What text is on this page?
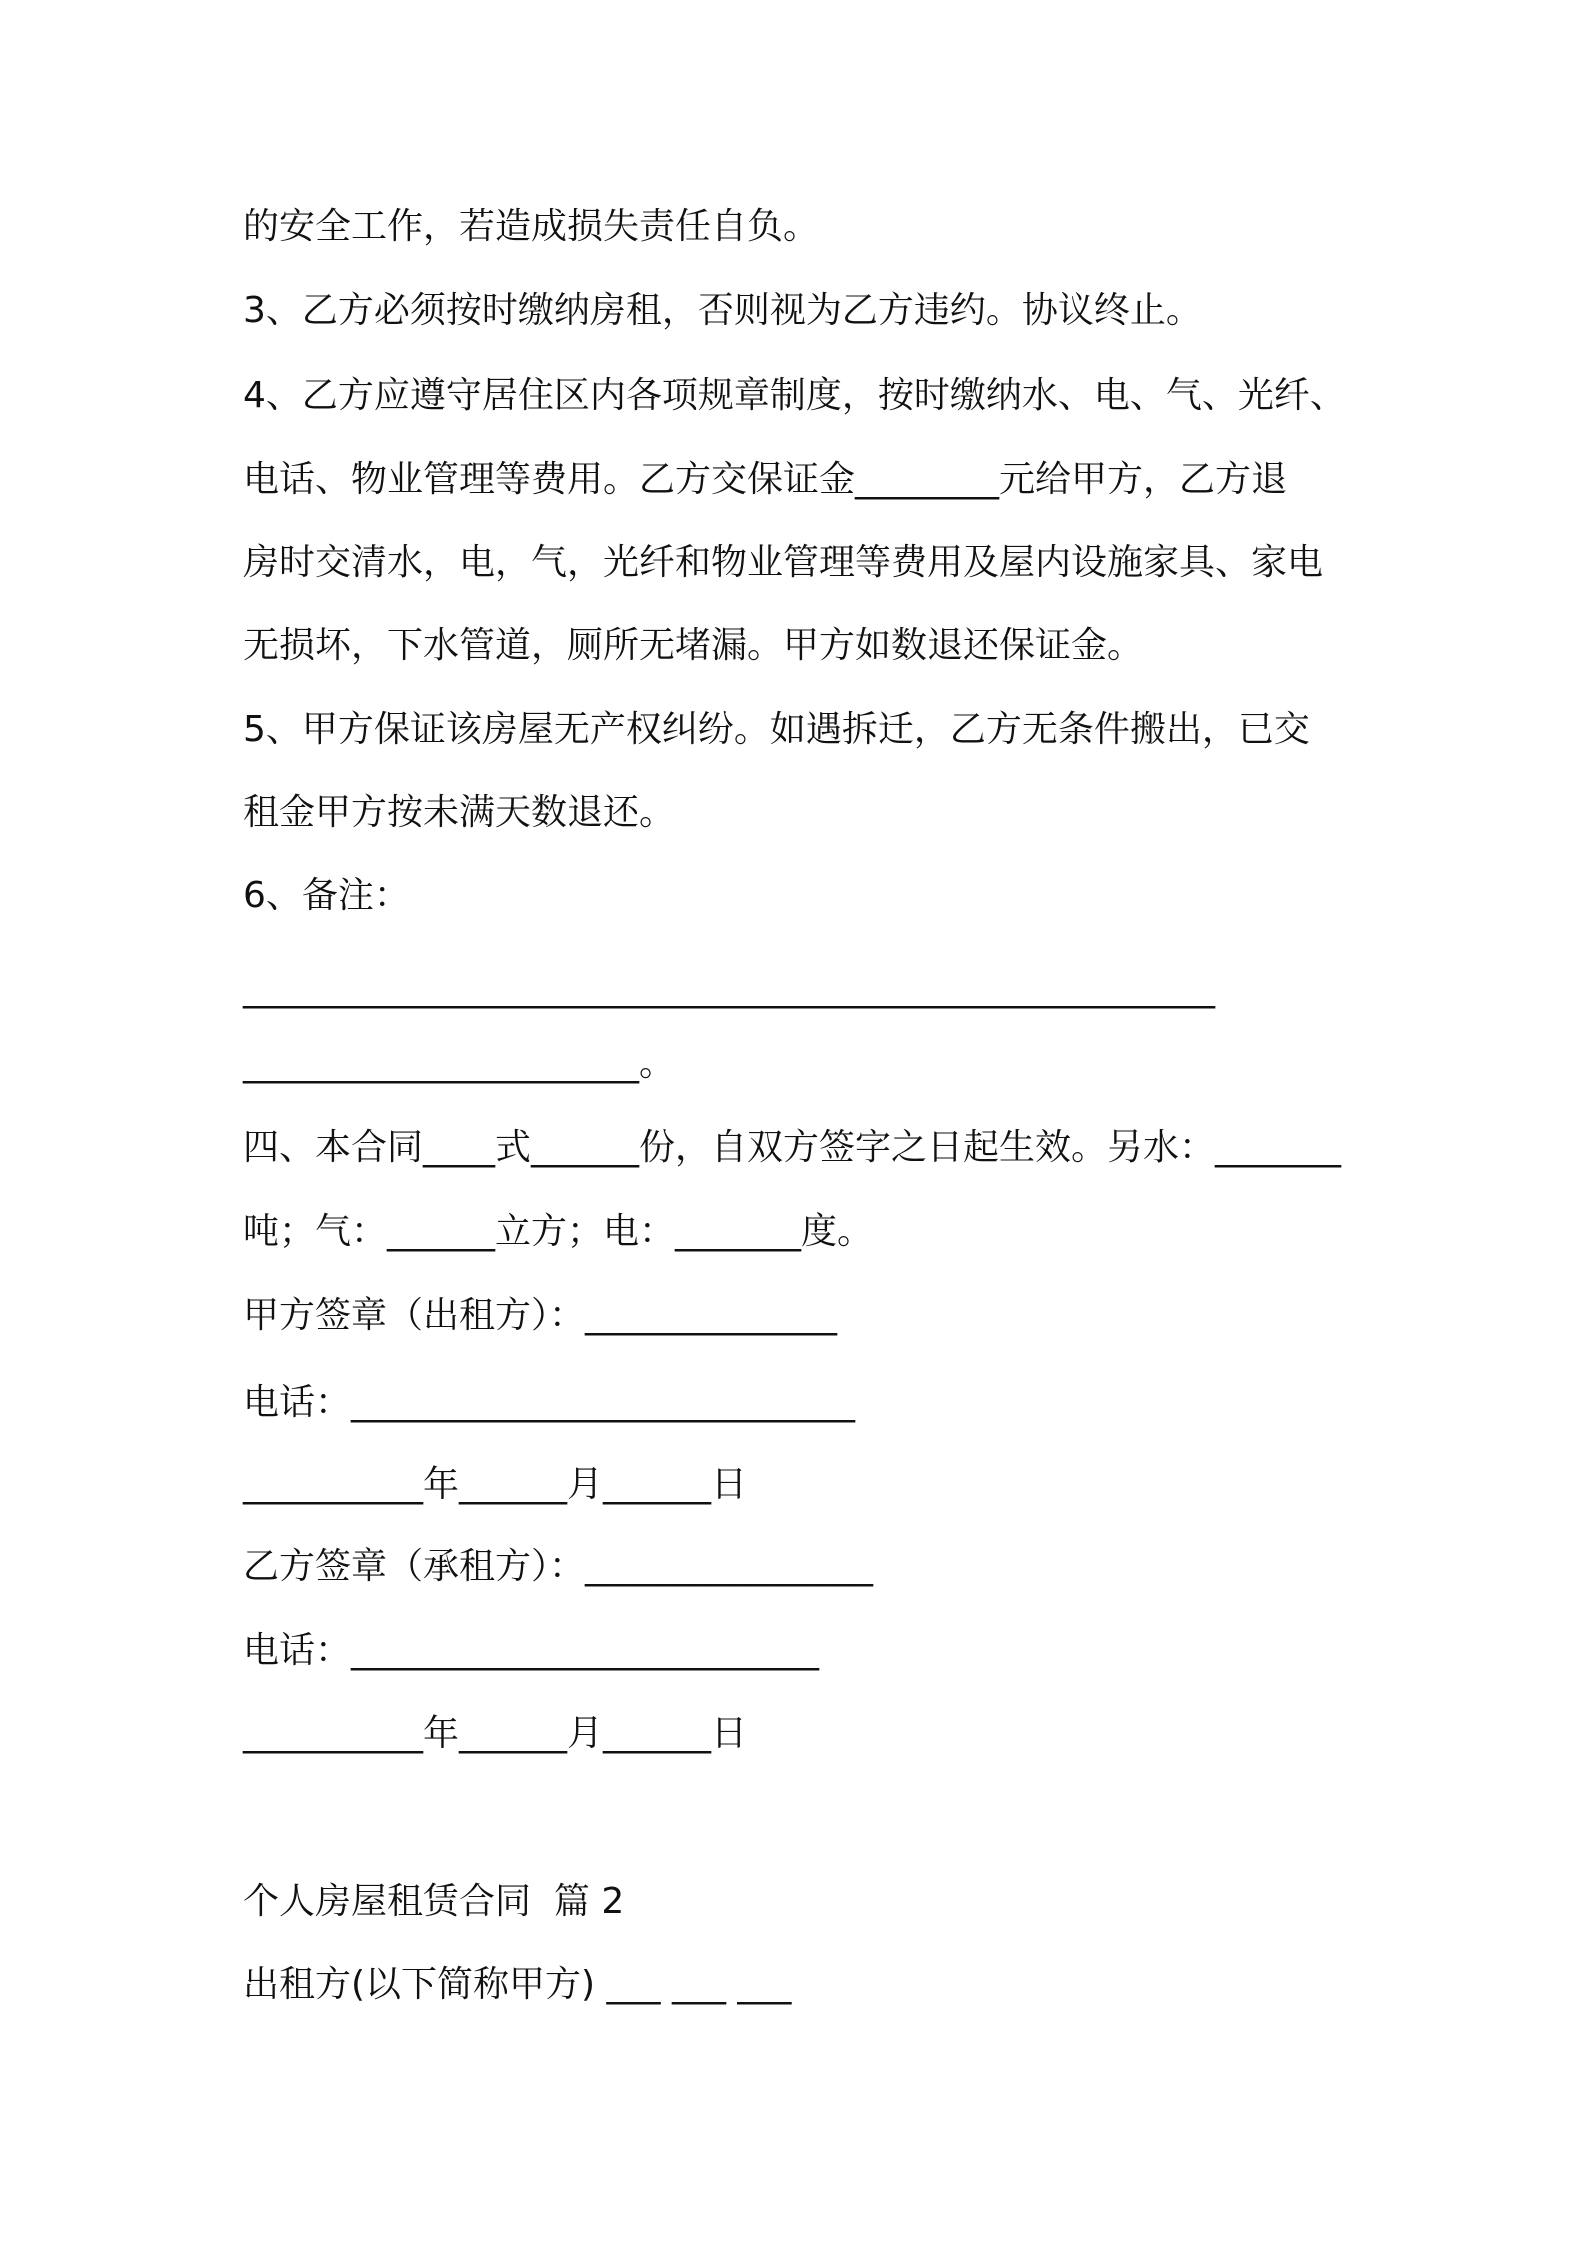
的安全工作，若造成损失责任自负。
3、乙方必须按时缴纳房租，否则视为乙方违约。协议终止。
4、乙方应遵守居住区内各项规章制度，按时缴纳水、电、气、光纤、
电话、物业管理等费用。乙方交保证金________元给甲方，乙方退
房时交清水，电，气，光纤和物业管理等费用及屋内设施家具、家电
无损坏，下水管道，厕所无堵漏。甲方如数退还保证金。
5、甲方保证该房屋无产权纠纷。如遇拆迁，乙方无条件搬出，已交
租金甲方按未满天数退还。
6、备注：
______________________________________________________
______________________。
四、本合同____式______份，自双方签字之日起生效。另水：_______
吨；气：______立方；电：_______度。
甲方签章（出租方）：______________
电话：____________________________
__________年______月______日
乙方签章（承租方）：________________
电话：__________________________
__________年______月______日
个人房屋租赁合同  篇 2
出租方(以下简称甲方) ___ ___ ___
